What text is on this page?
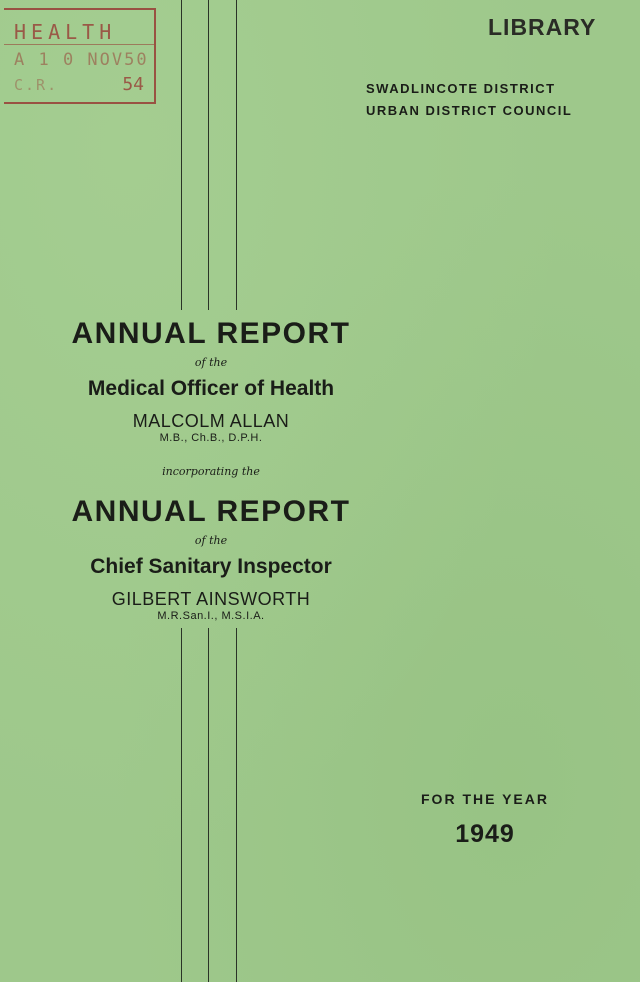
HEALTH
A 1 0 NOV50
C.R.	54
LIBRARY
SWADLINCOTE DISTRICT
URBAN DISTRICT COUNCIL
ANNUAL REPORT
of the
Medical Officer of Health
MALCOLM ALLAN
M.B., Ch.B., D.P.H.
incorporating the
ANNUAL REPORT
of the
Chief Sanitary Inspector
GILBERT AINSWORTH
M.R.San.I., M.S.I.A.
FOR THE YEAR
1949
